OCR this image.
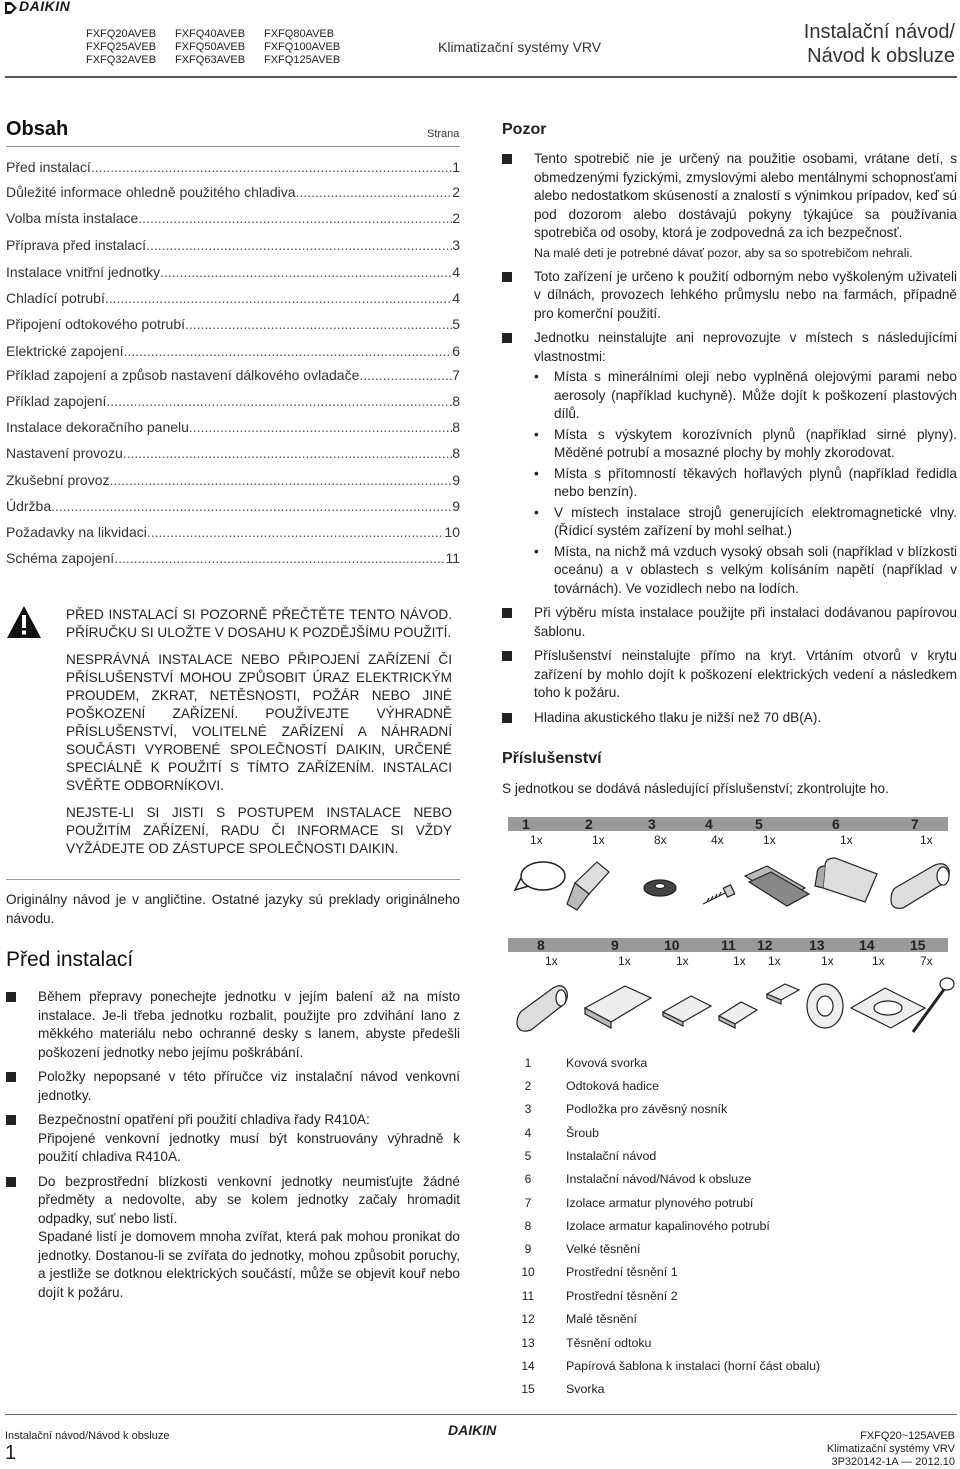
DAIKIN
FXFQ20AVEB
FXFQ25AVEB
FXFQ32AVEB
FXFQ40AVEB
FXFQ50AVEB
FXFQ63AVEB
FXFQ80AVEB
FXFQ100AVEB
FXFQ125AVEB
Klimatizační systémy VRV
Instalační návod/
Návod k obsluze
Obsah	Strana
Před instalací .....	1
Důležité informace ohledně použitého chladiva .....	2
Volba místa instalace .....	2
Příprava před instalací .....	3
Instalace vnitřní jednotky .....	4
Chladící potrubí .....	4
Připojení odtokového potrubí .....	5
Elektrické zapojení .....	6
Příklad zapojení a způsob nastavení dálkového ovladače .....	7
Příklad zapojení .....	8
Instalace dekoračního panelu .....	8
Nastavení provozu .....	8
Zkušební provoz .....	9
Údržba .....	9
Požadavky na likvidaci .....	10
Schéma zapojení .....	11

PŘED INSTALACÍ SI POZORNĚ PŘEČTĚTE TENTO NÁVOD. PŘÍRUČKU SI ULOŽTE V DOSAHU K POZDĚJŠÍMU POUŽITÍ.

NESPRÁVNÁ INSTALACE NEBO PŘIPOJENÍ ZAŘÍZENÍ ČI PŘÍSLUŠENSTVÍ MOHOU ZPŮSOBIT ÚRAZ ELEKTRICKÝM PROUDEM, ZKRAT, NETĚSNOSTI, POŽÁR NEBO JINÉ POŠKOZENÍ ZAŘÍZENÍ. POUŽÍVEJTE VÝHRADNĚ PŘÍSLUŠENSTVÍ, VOLITELNÉ ZAŘÍZENÍ A NÁHRADNÍ SOUČÁSTI VYROBENÉ SPOLEČNOSTÍ DAIKIN, URČENÉ SPECIÁLNĚ K POUŽITÍ S TÍMTO ZAŘÍZENÍM. INSTALACI SVĚŘTE ODBORNÍKOVI.

NEJSTE-LI SI JISTI S POSTUPEM INSTALACE NEBO POUŽITÍM ZAŘÍZENÍ, RADU ČI INFORMACE SI VŽDY VYŽÁDEJTE OD ZÁSTUPCE SPOLEČNOSTI DAIKIN.

Originálny návod je v angličtine. Ostatné jazyky sú preklady originálneho návodu.
Před instalací

Během přepravy ponechejte jednotku v jejím balení až na místo instalace. Je-li třeba jednotku rozbalit, použijte pro zdvihání lano z měkkého materiálu nebo ochranné desky s lanem, abyste předešli poškození jednotky nebo jejímu poškrábání.

Položky nepopsané v této příručce viz instalační návod venkovní jednotky.

Bezpečnostní opatření při použití chladiva řady R410A:

Připojené venkovní jednotky musí být konstruovány výhradně k použití chladiva R410A.

Do bezprostřední blízkosti venkovní jednotky neumisťujte žádné předměty a nedovolte, aby se kolem jednotky začaly hromadit odpadky, suť nebo listí.

Spadané listí je domovem mnoha zvířat, která pak mohou pronikat do jednotky. Dostanou-li se zvířata do jednotky, mohou způsobit poruchy, a jestliže se dotknou elektrických součástí, může se objevit kouř nebo dojít k požáru.

Pozor

Tento spotrebič nie je určený na použitie osobami, vrátane detí, s obmedzenými fyzickými, zmyslovými alebo mentálnymi schopnosťami alebo nedostatkom skúseností a znalostí s výnimkou prípadov, keď sú pod dozorom alebo dostávajú pokyny týkajúce sa používania spotrebiča od osoby, ktorá je zodpovedná za ich bezpečnosť.

Na malé deti je potrebné dávať pozor, aby sa so spotrebičom nehrali.

Toto zařízení je určeno k použití odborným nebo vyškoleným uživateli v dílnách, provozech lehkého průmyslu nebo na farmách, případně pro komerční použití.

Jednotku neinstalujte ani neprovozujte v místech s následujícími vlastnostmi:

• Místa s minerálními oleji nebo vyplněná olejovými parami nebo aerosoly (například kuchyně). Může dojít k poškození plastových dílů.
• Místa s výskytem korozívních plynů (například sirné plyny). Měděné potrubí a mosazné plochy by mohly zkorodovat.
• Místa s přítomností těkavých hořlavých plynů (například ředidla nebo benzín).
• V místech instalace strojů generujících elektromagnetické vlny. (Řídicí systém zařízení by mohl selhat.)
• Místa, na nichž má vzduch vysoký obsah soli (například v blízkosti oceánu) a v oblastech s velkým kolísáním napětí (například v továrnách). Ve vozidlech nebo na lodích.

Při výběru místa instalace použijte při instalaci dodávanou papírovou šablonu.

Příslušenství neinstalujte přímo na kryt. Vrtáním otvorů v krytu zařízení by mohlo dojít k poškození elektrických vedení a následkem toho k požáru.

Hladina akustického tlaku je nižší než 70 dB(A).

Příslušenství
S jednotkou se dodává následující příslušenství; zkontrolujte ho.
1	2	3	4	5	6	7
1x	1x	8x	4x	1x	1x	1x
8	9	10	11 12	13 14	15
1x	1x	1x	1x 1x	1x	1x	7x
1	Kovová svorka
2	Odtoková hadice
3	Podložka pro závěsný nosník
4	Šroub
5	Instalační návod
6	Instalační návod/Návod k obsluze
7	Izolace armatur plynového potrubí
8	Izolace armatur kapalinového potrubí
9	Velké těsnění
10	Prostřední těsnění 1
11	Prostřední těsnění 2
12	Malé těsnění
13	Těsnění odtoku
14	Papírová šablona k instalaci (horní část obalu)
15	Svorka
Instalační návod/Návod k obsluze
1
DAIKIN	FXFQ20~125AVEB
Klimatizační systémy VRV
3P320142-1A — 2012.10
